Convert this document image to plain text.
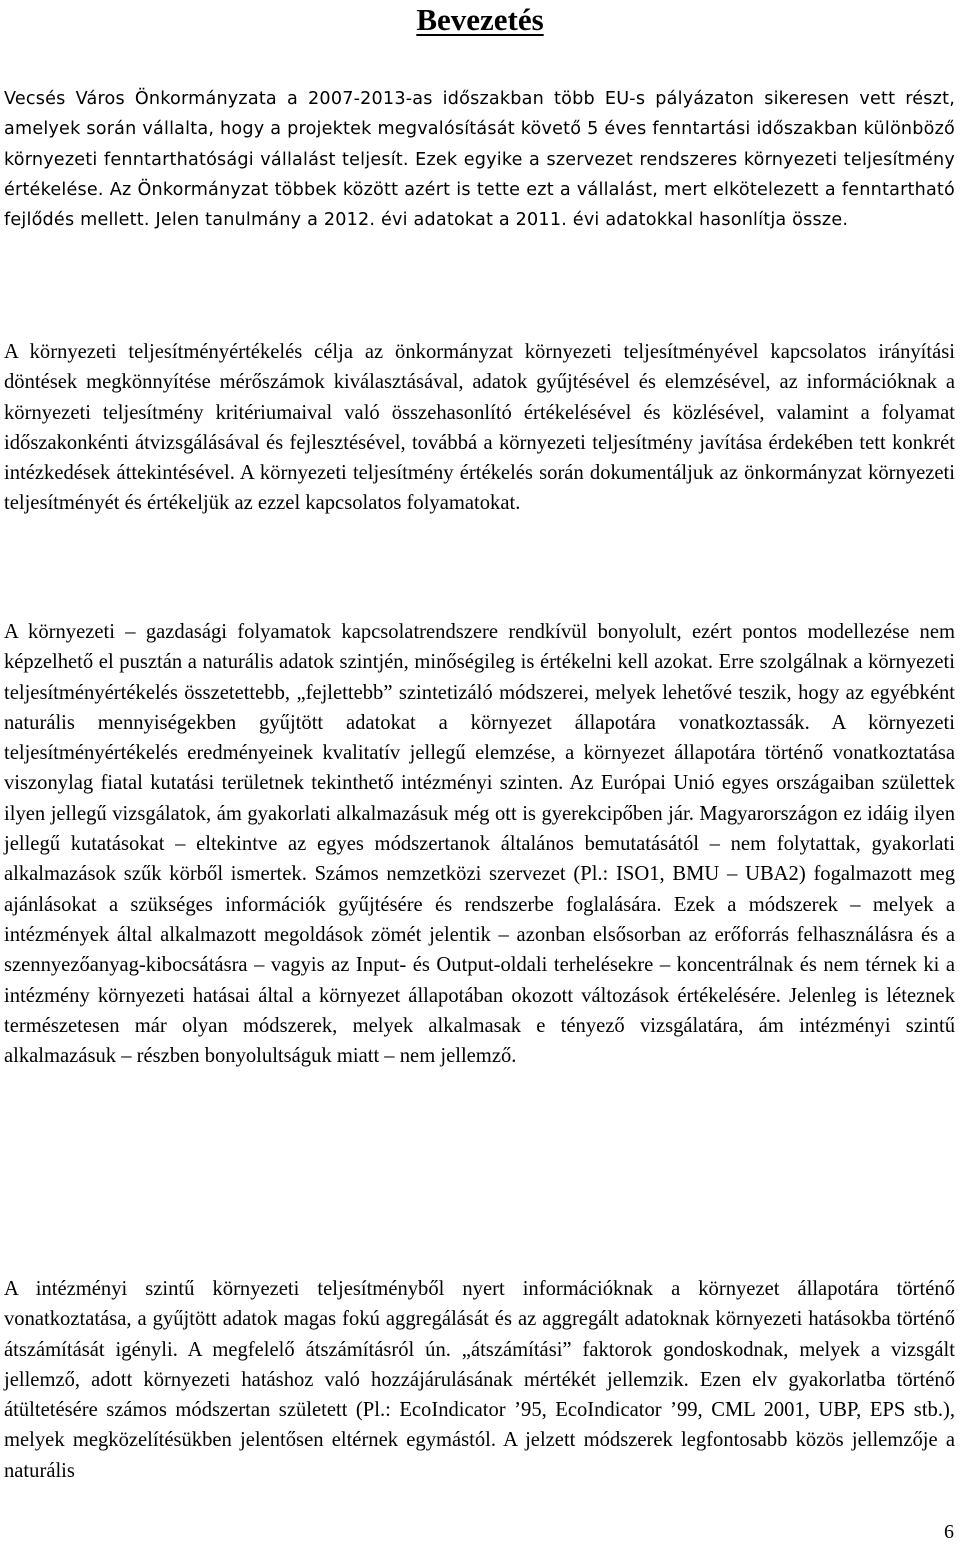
Bevezetés

Vecsés Város Önkormányzata a 2007-2013-as időszakban több EU-s pályázaton sikeresen vett részt, amelyek során vállalta, hogy a projektek megvalósítását követő 5 éves fenntartási időszakban különböző környezeti fenntarthatósági vállalást teljesít. Ezek egyike a szervezet rendszeres környezeti teljesítmény értékelése. Az Önkormányzat többek között azért is tette ezt a vállalást, mert elkötelezett a fenntartható fejlődés mellett. Jelen tanulmány a 2012. évi adatokat a 2011. évi adatokkal hasonlítja össze.

A környezeti teljesítményértékelés célja az önkormányzat környezeti teljesítményével kapcsolatos irányítási döntések megkönnyítése mérőszámok kiválasztásával, adatok gyűjtésével és elemzésével, az információknak a környezeti teljesítmény kritériumaival való összehasonlító értékelésével és közlésével, valamint a folyamat időszakonkénti átvizsgálásával és fejlesztésével, továbbá a környezeti teljesítmény javítása érdekében tett konkrét intézkedések áttekintésével. A környezeti teljesítmény értékelés során dokumentáljuk az önkormányzat környezeti teljesítményét és értékeljük az ezzel kapcsolatos folyamatokat.

A környezeti – gazdasági folyamatok kapcsolatrendszere rendkívül bonyolult, ezért pontos modellezése nem képzelhető el pusztán a naturális adatok szintjén, minőségileg is értékelni kell azokat. Erre szolgálnak a környezeti teljesítményértékelés összetettebb, „fejlettebb” szintetizáló módszerei, melyek lehetővé teszik, hogy az egyébként naturális mennyiségekben gyűjtött adatokat a környezet állapotára vonatkoztassák. A környezeti teljesítményértékelés eredményeinek kvalitatív jellegű elemzése, a környezet állapotára történő vonatkoztatása viszonylag fiatal kutatási területnek tekinthető intézményi szinten. Az Európai Unió egyes országaiban születtek ilyen jellegű vizsgálatok, ám gyakorlati alkalmazásuk még ott is gyerekcipőben jár. Magyarországon ez idáig ilyen jellegű kutatásokat – eltekintve az egyes módszertanok általános bemutatásától – nem folytattak, gyakorlati alkalmazások szűk körből ismertek. Számos nemzetközi szervezet (Pl.: ISO1, BMU – UBA2) fogalmazott meg ajánlásokat a szükséges információk gyűjtésére és rendszerbe foglalására. Ezek a módszerek – melyek a intézmények által alkalmazott megoldások zömét jelentik – azonban elsősorban az erőforrás felhasználásra és a szennyezőanyag-kibocsátásra – vagyis az Input- és Output-oldali terhelésekre – koncentrálnak és nem térnek ki a intézmény környezeti hatásai által a környezet állapotában okozott változások értékelésére. Jelenleg is léteznek természetesen már olyan módszerek, melyek alkalmasak e tényező vizsgálatára, ám intézményi szintű alkalmazásuk – részben bonyolultságuk miatt – nem jellemző.

A intézményi szintű környezeti teljesítményből nyert információknak a környezet állapotára történő vonatkoztatása, a gyűjtött adatok magas fokú aggregálását és az aggregált adatoknak környezeti hatásokba történő átszámítását igényli. A megfelelő átszámításról ún. „átszámítási” faktorok gondoskodnak, melyek a vizsgált jellemző, adott környezeti hatáshoz való hozzájárulásának mértékét jellemzik. Ezen elv gyakorlatba történő átültetésére számos módszertan született (Pl.: EcoIndicator ’95, EcoIndicator ’99, CML 2001, UBP, EPS stb.), melyek megközelítésükben jelentősen eltérnek egymástól. A jelzett módszerek legfontosabb közös jellemzője a naturális

6
